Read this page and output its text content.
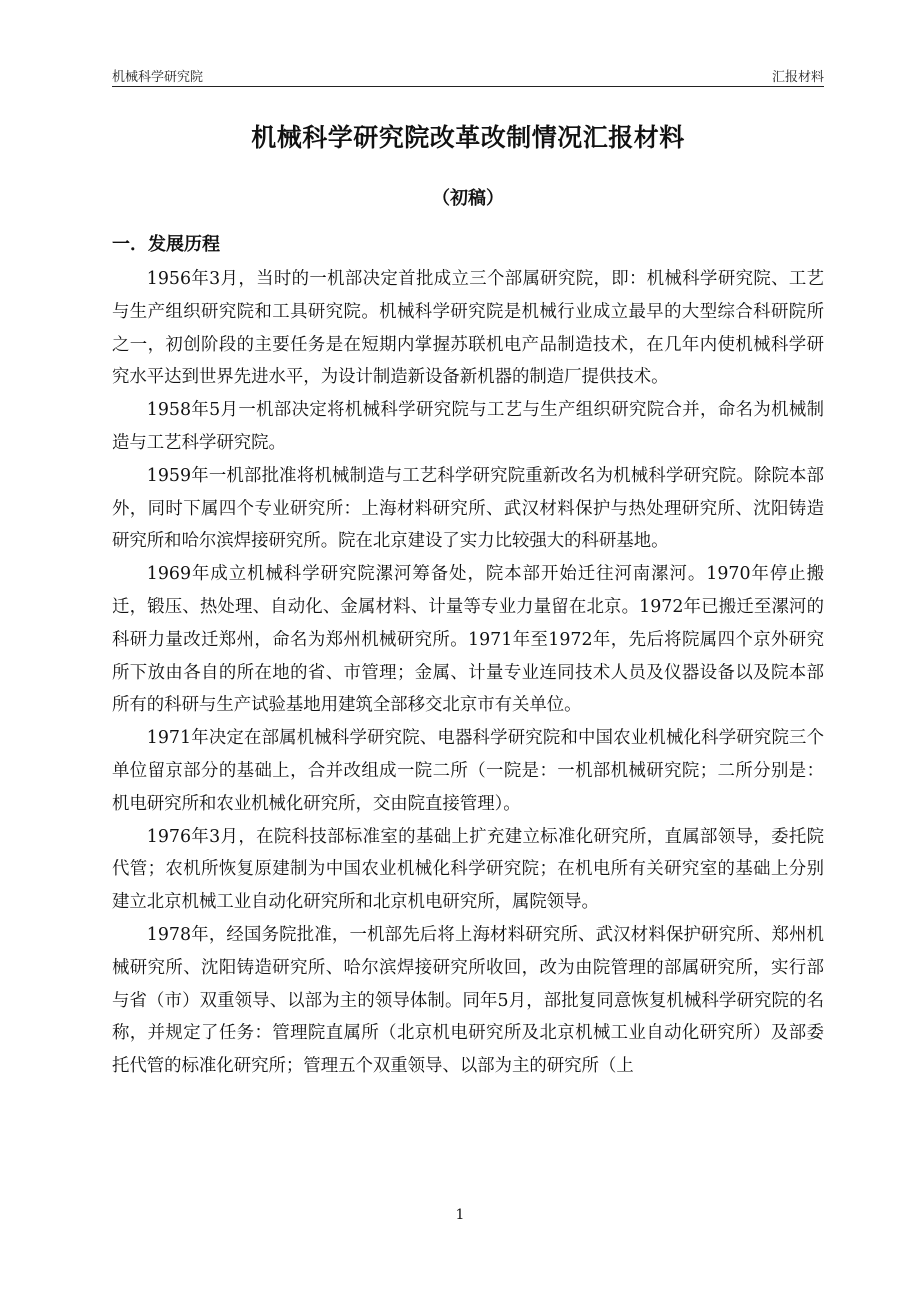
机械科学研究院	汇报材料
机械科学研究院改革改制情况汇报材料
（初稿）
一．发展历程

1956年3月，当时的一机部决定首批成立三个部属研究院，即：机械科学研究院、工艺与生产组织研究院和工具研究院。机械科学研究院是机械行业成立最早的大型综合科研院所之一，初创阶段的主要任务是在短期内掌握苏联机电产品制造技术，在几年内使机械科学研究水平达到世界先进水平，为设计制造新设备新机器的制造厂提供技术。

1958年5月一机部决定将机械科学研究院与工艺与生产组织研究院合并，命名为机械制造与工艺科学研究院。

1959年一机部批准将机械制造与工艺科学研究院重新改名为机械科学研究院。除院本部外，同时下属四个专业研究所：上海材料研究所、武汉材料保护与热处理研究所、沈阳铸造研究所和哈尔滨焊接研究所。院在北京建设了实力比较强大的科研基地。

1969年成立机械科学研究院漯河筹备处，院本部开始迁往河南漯河。1970年停止搬迁，锻压、热处理、自动化、金属材料、计量等专业力量留在北京。1972年已搬迁至漯河的科研力量改迁郑州，命名为郑州机械研究所。1971年至1972年，先后将院属四个京外研究所下放由各自的所在地的省、市管理；金属、计量专业连同技术人员及仪器设备以及院本部所有的科研与生产试验基地用建筑全部移交北京市有关单位。

1971年决定在部属机械科学研究院、电器科学研究院和中国农业机械化科学研究院三个单位留京部分的基础上，合并改组成一院二所（一院是：一机部机械研究院；二所分别是：机电研究所和农业机械化研究所，交由院直接管理）。

1976年3月，在院科技部标准室的基础上扩充建立标准化研究所，直属部领导，委托院代管；农机所恢复原建制为中国农业机械化科学研究院；在机电所有关研究室的基础上分别建立北京机械工业自动化研究所和北京机电研究所，属院领导。

1978年，经国务院批准，一机部先后将上海材料研究所、武汉材料保护研究所、郑州机械研究所、沈阳铸造研究所、哈尔滨焊接研究所收回，改为由院管理的部属研究所，实行部与省（市）双重领导、以部为主的领导体制。同年5月，部批复同意恢复机械科学研究院的名称，并规定了任务：管理院直属所（北京机电研究所及北京机械工业自动化研究所）及部委托代管的标准化研究所；管理五个双重领导、以部为主的研究所（上

1
